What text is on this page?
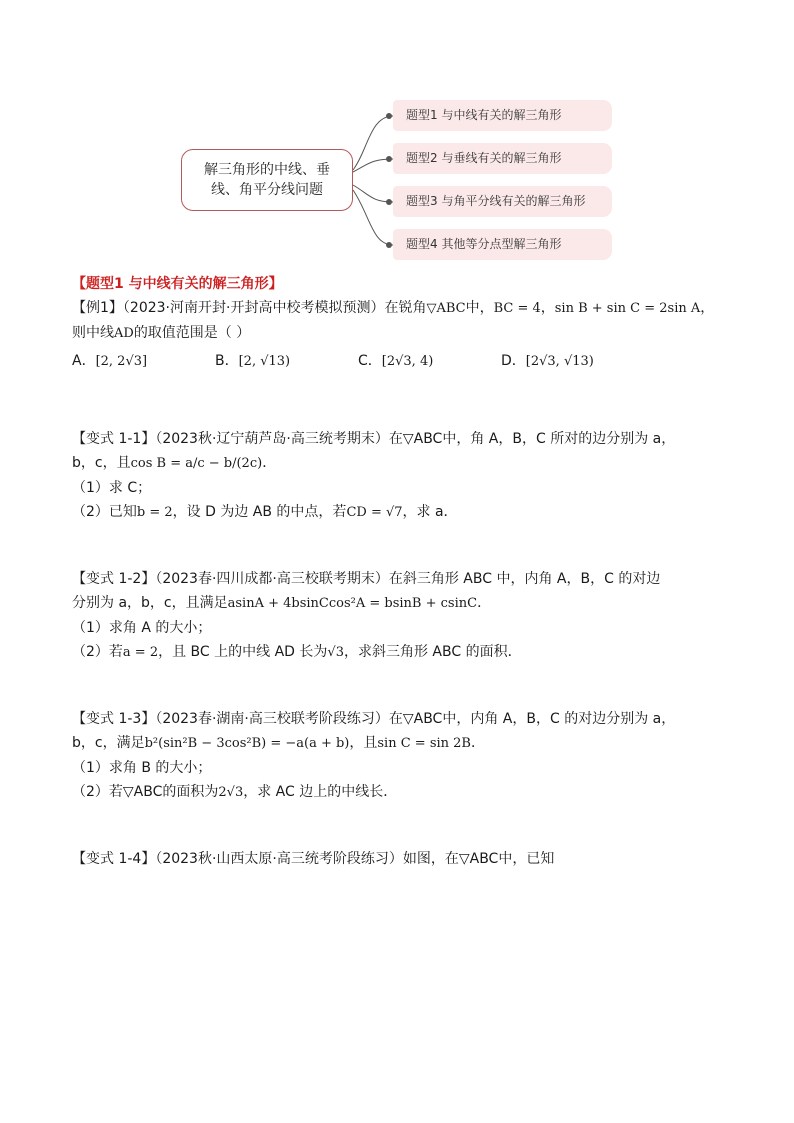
解三角形的中线、垂线、角平分线问题
题型1 与中线有关的解三角形
题型2 与垂线有关的解三角形
题型3 与角平分线有关的解三角形
题型4 其他等分点型解三角形
【题型1 与中线有关的解三角形】

【例1】（2023·河南开封·开封高中校考模拟预测）在锐角▽ABC中，BC = 4，sin B + sin C = 2sin A，

则中线AD的取值范围是（ ）

A．[2, 2√3]	B．[2, √13)	C．[2√3, 4)	D．[2√3, √13)

【变式 1-1】（2023秋·辽宁葫芦岛·高三统考期末）在▽ABC中，角 A，B，C 所对的边分别为 a，

b，c，且cos B = a/c − b/(2c)．

（1）求 C；

（2）已知b = 2，设 D 为边 AB 的中点，若CD = √7，求 a．

【变式 1-2】（2023春·四川成都·高三校联考期末）在斜三角形 ABC 中，内角 A，B，C 的对边

分别为 a，b，c，且满足asinA + 4bsinCcos²A = bsinB + csinC．

（1）求角 A 的大小；

（2）若a = 2，且 BC 上的中线 AD 长为√3，求斜三角形 ABC 的面积．

【变式 1-3】（2023春·湖南·高三校联考阶段练习）在▽ABC中，内角 A，B，C 的对边分别为 a，

b，c，满足b²(sin²B − 3cos²B) = −a(a + b)，且sin C = sin 2B．

（1）求角 B 的大小；

（2）若▽ABC的面积为2√3，求 AC 边上的中线长．

【变式 1-4】（2023秋·山西太原·高三统考阶段练习）如图，在▽ABC中，已知
